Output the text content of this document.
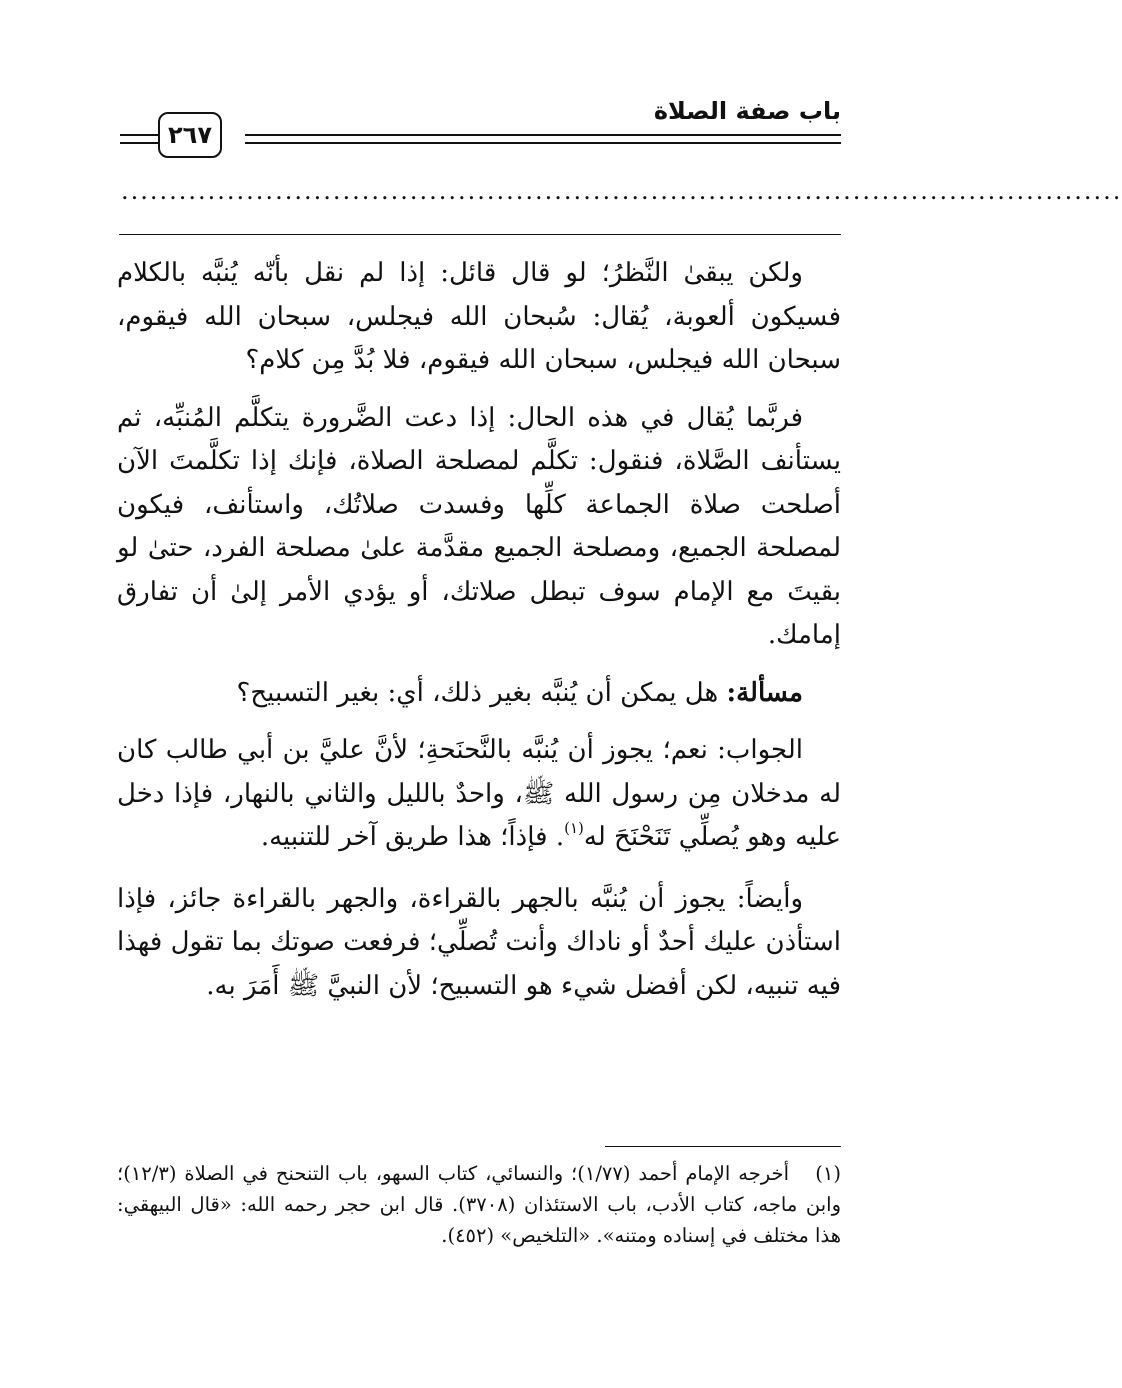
باب صفة الصلاة
٢٦٧
........................................................................................................

ولكن يبقىٰ النَّظرُ؛ لو قال قائل: إذا لم نقل بأنّه يُنبَّه بالكلام فسيكون ألعوبة، يُقال: سُبحان الله فيجلس، سبحان الله فيقوم، سبحان الله فيجلس، سبحان الله فيقوم، فلا بُدَّ مِن كلام؟

فربَّما يُقال في هذه الحال: إذا دعت الضَّرورة يتكلَّم المُنبِّه، ثم يستأنف الصَّلاة، فنقول: تكلَّم لمصلحة الصلاة، فإنك إذا تكلَّمتَ الآن أصلحت صلاة الجماعة كلِّها وفسدت صلاتُك، واستأنف، فيكون لمصلحة الجميع، ومصلحة الجميع مقدَّمة علىٰ مصلحة الفرد، حتىٰ لو بقيتَ مع الإمام سوف تبطل صلاتك، أو يؤدي الأمر إلىٰ أن تفارق إمامك.

مسألة: هل يمكن أن يُنبَّه بغير ذلك، أي: بغير التسبيح؟

الجواب: نعم؛ يجوز أن يُنبَّه بالنَّحنَحةِ؛ لأنَّ عليَّ بن أبي طالب كان له مدخلان مِن رسول الله ﷺ، واحدٌ بالليل والثاني بالنهار، فإذا دخل عليه وهو يُصلِّي تَنَحْنَحَ له$^{(١)}$. فإذاً؛ هذا طريق آخر للتنبيه.

وأيضاً: يجوز أن يُنبَّه بالجهر بالقراءة، والجهر بالقراءة جائز، فإذا استأذن عليك أحدٌ أو ناداك وأنت تُصلِّي؛ فرفعت صوتك بما تقول فهذا فيه تنبيه، لكن أفضل شيء هو التسبيح؛ لأن النبيَّ ﷺ أَمَرَ به.

(١)أخرجه الإمام أحمد (١/٧٧)؛ والنسائي، كتاب السهو، باب التنحنح في الصلاة (١٢/٣)؛ وابن ماجه، كتاب الأدب، باب الاستئذان (٣٧٠٨). قال ابن حجر رحمه الله: «قال البيهقي: هذا مختلف في إسناده ومتنه». «التلخيص» (٤٥٢).
